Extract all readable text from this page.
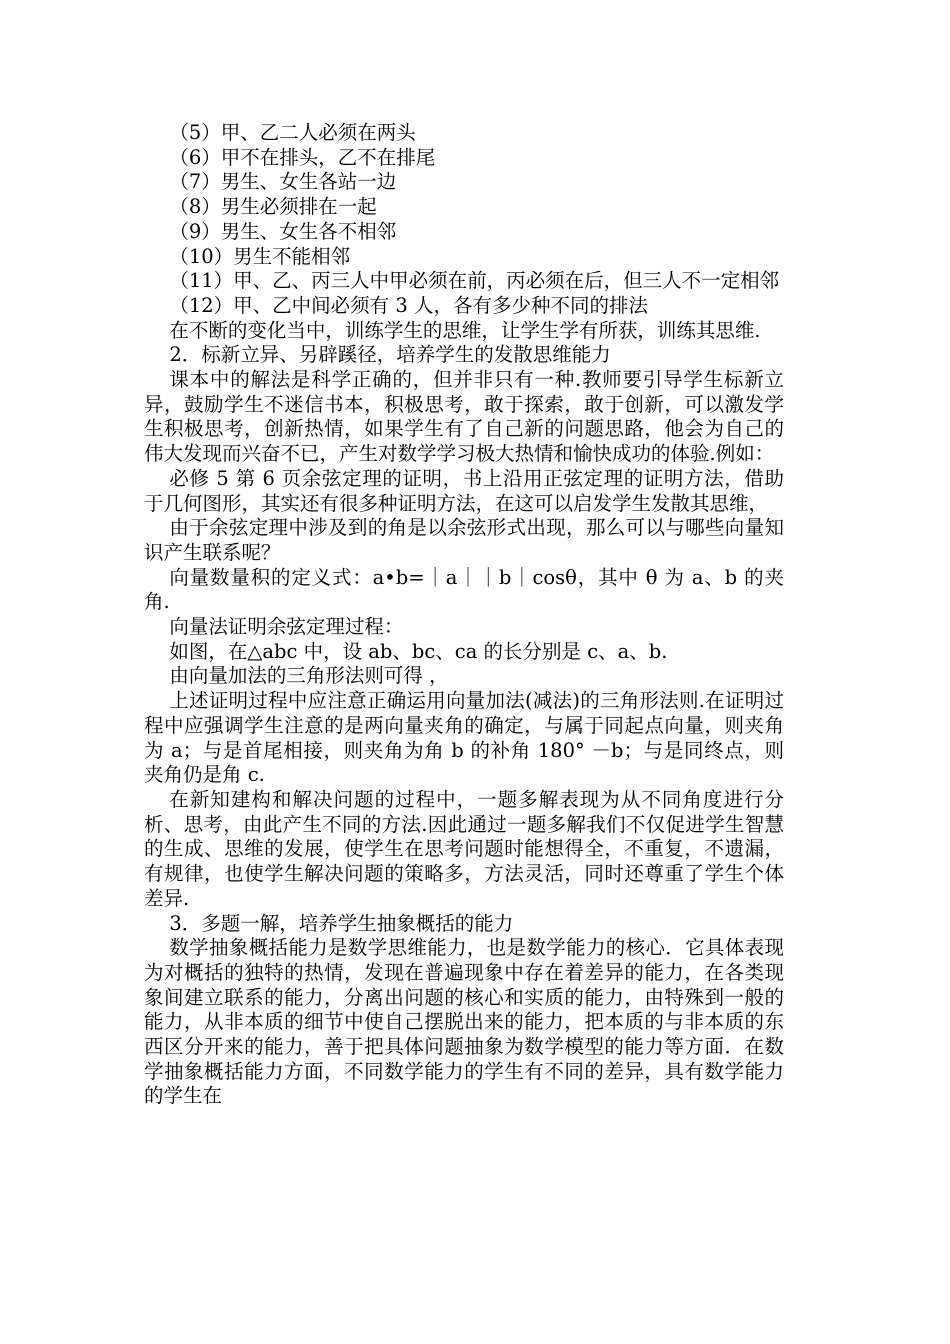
（5）甲、乙二人必须在两头

（6）甲不在排头，乙不在排尾

（7）男生、女生各站一边

（8）男生必须排在一起

（9）男生、女生各不相邻

（10）男生不能相邻

（11）甲、乙、丙三人中甲必须在前，丙必须在后，但三人不一定相邻

（12）甲、乙中间必须有 3 人，各有多少种不同的排法

在不断的变化当中，训练学生的思维，让学生学有所获，训练其思维.

2．标新立异、另辟蹊径，培养学生的发散思维能力

课本中的解法是科学正确的，但并非只有一种.教师要引导学生标新立异，鼓励学生不迷信书本，积极思考，敢于探索，敢于创新，可以激发学生积极思考，创新热情，如果学生有了自己新的问题思路，他会为自己的伟大发现而兴奋不已，产生对数学学习极大热情和愉快成功的体验.例如：

必修 5 第 6 页余弦定理的证明，书上沿用正弦定理的证明方法，借助于几何图形，其实还有很多种证明方法，在这可以启发学生发散其思维，

由于余弦定理中涉及到的角是以余弦形式出现，那么可以与哪些向量知识产生联系呢？

向量数量积的定义式：a•b=｜a｜｜b｜cosθ，其中 θ 为 a、b 的夹角.

向量法证明余弦定理过程：

如图，在△abc 中，设 ab、bc、ca 的长分别是 c、a、b.

由向量加法的三角形法则可得 ，

上述证明过程中应注意正确运用向量加法(减法)的三角形法则.在证明过程中应强调学生注意的是两向量夹角的确定，与属于同起点向量，则夹角为 a；与是首尾相接，则夹角为角 b 的补角 180° －b；与是同终点，则夹角仍是角 c.

在新知建构和解决问题的过程中，一题多解表现为从不同角度进行分析、思考，由此产生不同的方法.因此通过一题多解我们不仅促进学生智慧的生成、思维的发展，使学生在思考问题时能想得全，不重复，不遗漏，有规律，也使学生解决问题的策略多，方法灵活，同时还尊重了学生个体差异.

3．多题一解，培养学生抽象概括的能力

数学抽象概括能力是数学思维能力，也是数学能力的核心．它具体表现为对概括的独特的热情，发现在普遍现象中存在着差异的能力，在各类现象间建立联系的能力，分离出问题的核心和实质的能力，由特殊到一般的能力，从非本质的细节中使自己摆脱出来的能力，把本质的与非本质的东西区分开来的能力，善于把具体问题抽象为数学模型的能力等方面．在数学抽象概括能力方面，不同数学能力的学生有不同的差异，具有数学能力的学生在
